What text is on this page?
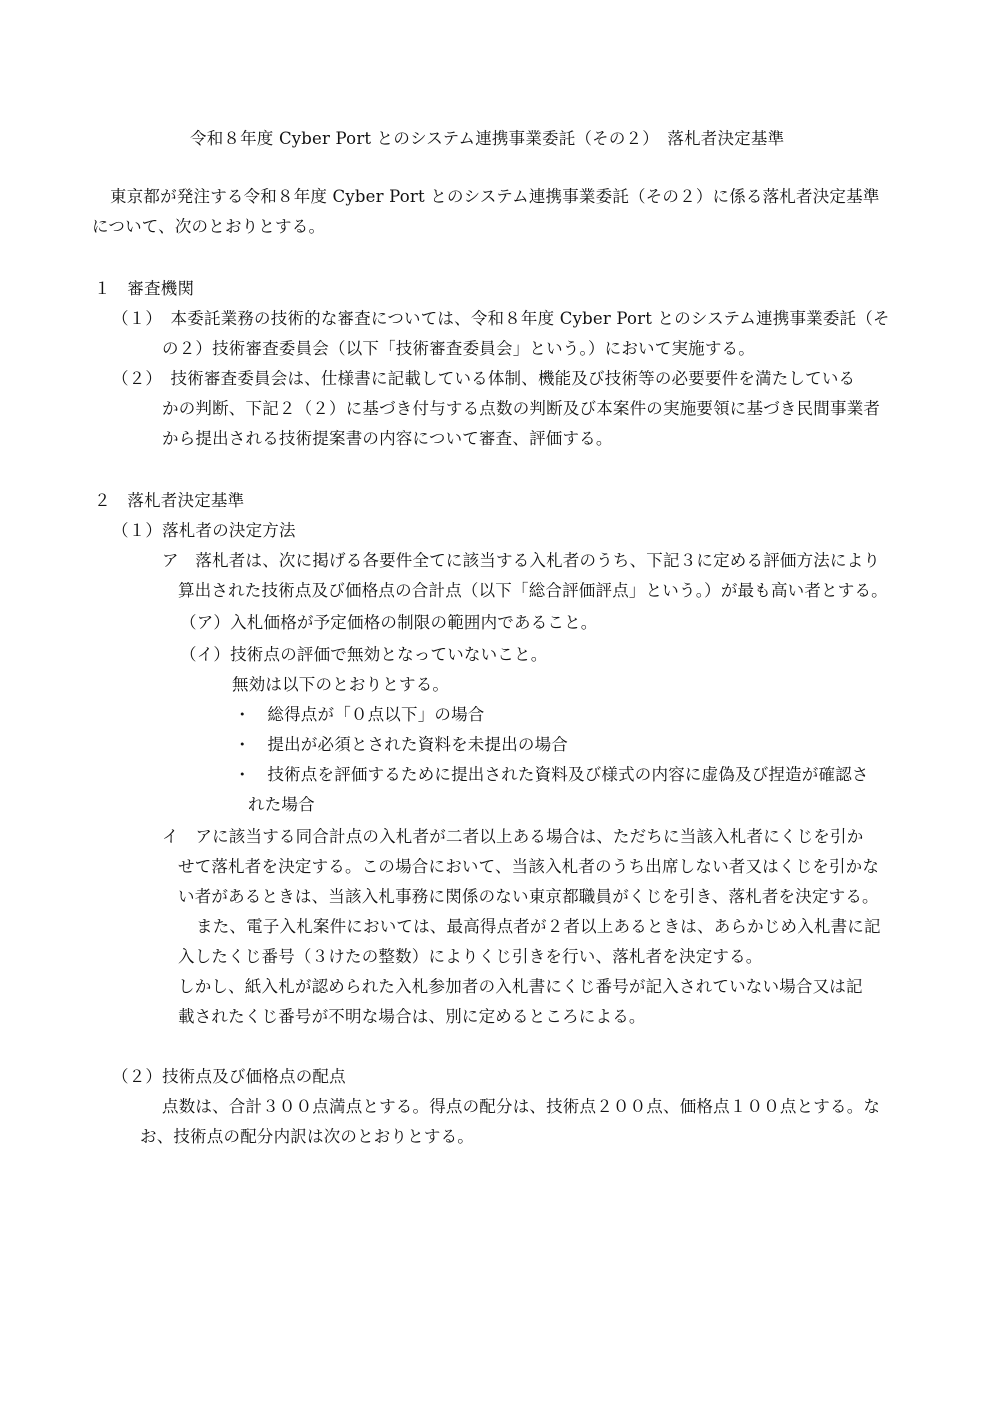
令和８年度 Cyber Port とのシステム連携事業委託（その２）　落札者決定基準
東京都が発注する令和８年度 Cyber Port とのシステム連携事業委託（その２）に係る落札者決定基準
について、次のとおりとする。
１　審査機関
（１）　本委託業務の技術的な審査については、令和８年度 Cyber Port とのシステム連携事業委託（そ
の２）技術審査委員会（以下「技術審査委員会」という。）において実施する。
（２）　技術審査委員会は、仕様書に記載している体制、機能及び技術等の必要要件を満たしている
かの判断、下記２（２）に基づき付与する点数の判断及び本案件の実施要領に基づき民間事業者
から提出される技術提案書の内容について審査、評価する。
２　落札者決定基準
（１）落札者の決定方法
ア　落札者は、次に掲げる各要件全てに該当する入札者のうち、下記３に定める評価方法により
算出された技術点及び価格点の合計点（以下「総合評価評点」という。）が最も高い者とする。
（ア）入札価格が予定価格の制限の範囲内であること。
（イ）技術点の評価で無効となっていないこと。
無効は以下のとおりとする。
・　総得点が「０点以下」の場合
・　提出が必須とされた資料を未提出の場合
・　技術点を評価するために提出された資料及び様式の内容に虚偽及び捏造が確認さ
れた場合
イ　アに該当する同合計点の入札者が二者以上ある場合は、ただちに当該入札者にくじを引か
せて落札者を決定する。この場合において、当該入札者のうち出席しない者又はくじを引かな
い者があるときは、当該入札事務に関係のない東京都職員がくじを引き、落札者を決定する。
また、電子入札案件においては、最高得点者が２者以上あるときは、あらかじめ入札書に記
入したくじ番号（３けたの整数）によりくじ引きを行い、落札者を決定する。
しかし、紙入札が認められた入札参加者の入札書にくじ番号が記入されていない場合又は記
載されたくじ番号が不明な場合は、別に定めるところによる。
（２）技術点及び価格点の配点
点数は、合計３００点満点とする。得点の配分は、技術点２００点、価格点１００点とする。な
お、技術点の配分内訳は次のとおりとする。
